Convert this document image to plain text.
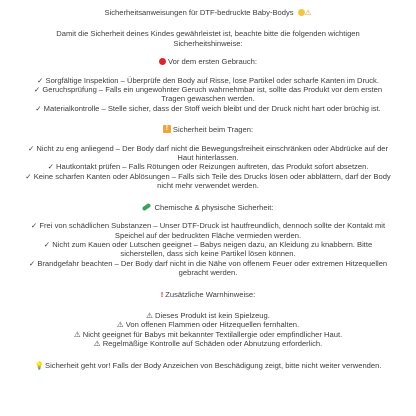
Sicherheitsanweisungen für DTF-bedruckte Baby-Bodys ⚠

Damit die Sicherheit deines Kindes gewährleistet ist, beachte bitte die folgenden wichtigen

Sicherheitshinweise:

Vor dem ersten Gebrauch:

✓ Sorgfältige Inspektion – Überprüfe den Body auf Risse, lose Partikel oder scharfe Kanten im Druck.

✓ Geruchsprüfung – Falls ein ungewohnter Geruch wahrnehmbar ist, sollte das Produkt vor dem ersten

Tragen gewaschen werden.

✓ Materialkontrolle – Stelle sicher, dass der Stoff weich bleibt und der Druck nicht hart oder brüchig ist.

!Sicherheit beim Tragen:

✓ Nicht zu eng anliegend – Der Body darf nicht die Bewegungsfreiheit einschränken oder Abdrücke auf der

Haut hinterlassen.

✓ Hautkontakt prüfen – Falls Rötungen oder Reizungen auftreten, das Produkt sofort absetzen.

✓ Keine scharfen Kanten oder Ablösungen – Falls sich Teile des Drucks lösen oder abblättern, darf der Body

nicht mehr verwendet werden.

Chemische & physische Sicherheit:

✓ Frei von schädlichen Substanzen – Unser DTF-Druck ist hautfreundlich, dennoch sollte der Kontakt mit

Speichel auf der bedruckten Fläche vermieden werden.

✓ Nicht zum Kauen oder Lutschen geeignet – Babys neigen dazu, an Kleidung zu knabbern. Bitte

sicherstellen, dass sich keine Partikel lösen können.

✓ Brandgefahr beachten – Der Body darf nicht in die Nähe von offenem Feuer oder extremen Hitzequellen

gebracht werden.

! Zusätzliche Warnhinweise:

⚠ Dieses Produkt ist kein Spielzeug.

⚠ Von offenen Flammen oder Hitzequellen fernhalten.

⚠ Nicht geeignet für Babys mit bekannter Textilallergie oder empfindlicher Haut.

⚠ Regelmäßige Kontrolle auf Schäden oder Abnutzung erforderlich.

💡Sicherheit geht vor! Falls der Body Anzeichen von Beschädigung zeigt, bitte nicht weiter verwenden.
